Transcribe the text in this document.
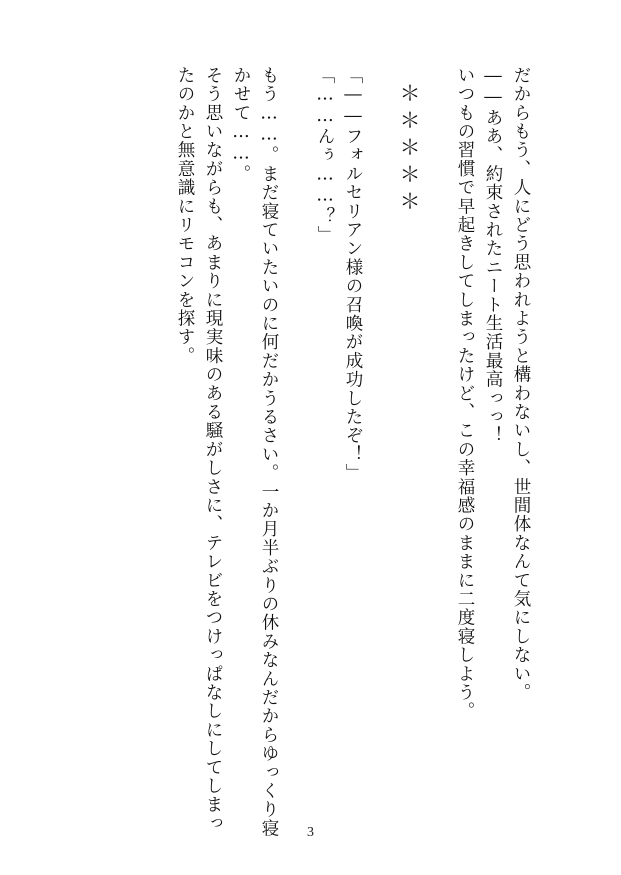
だからもう、人にどう思われようと構わないし、世間体なんて気にしない。
――ああ、約束されたニート生活最高っっ！
いつもの習慣で早起きしてしまったけど、この幸福感のままに二度寝しよう。
＊＊＊＊＊
「――フォルセリアン様の召喚が成功したぞ！」
「……んぅ……？」
もう……。まだ寝ていたいのに何だかうるさい。一か月半ぶりの休みなんだからゆっくり寝
かせて……。
そう思いながらも、あまりに現実味のある騒がしさに、テレビをつけっぱなしにしてしまっ
たのかと無意識にリモコンを探す。
3
